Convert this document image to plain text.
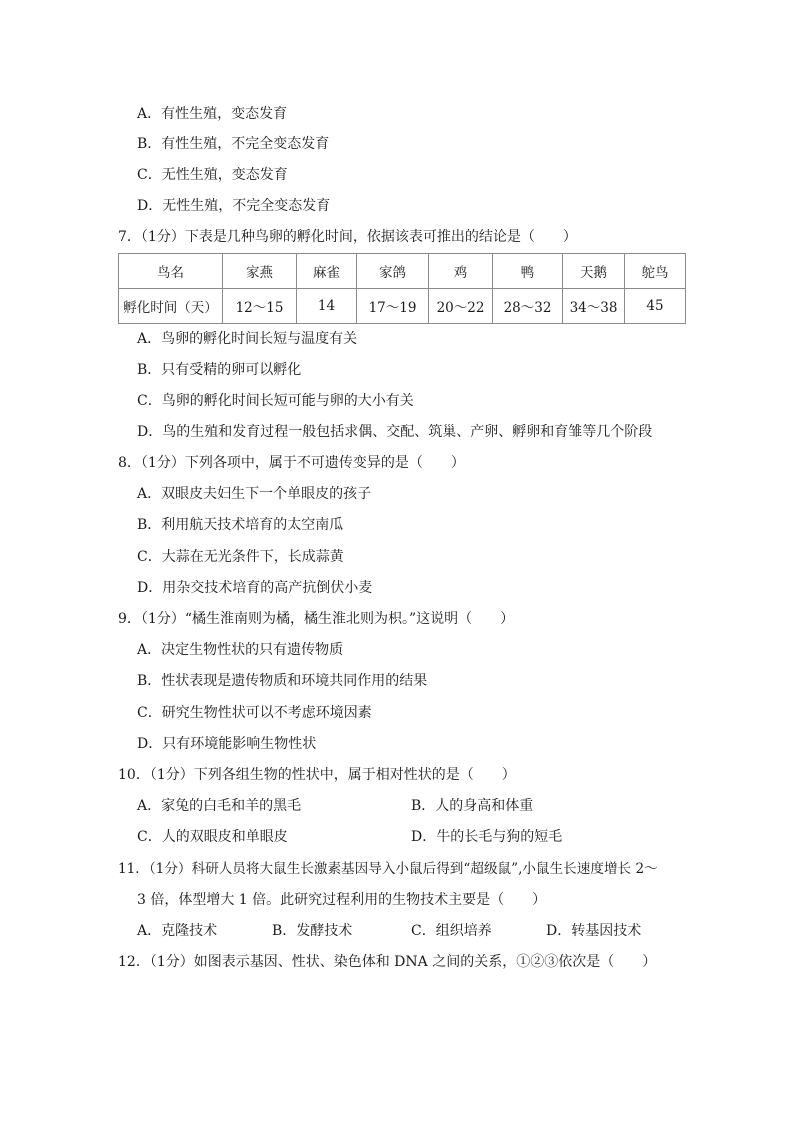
A．有性生殖，变态发育
B．有性生殖，不完全变态发育
C．无性生殖，变态发育
D．无性生殖，不完全变态发育
7．（1分）下表是几种鸟卵的孵化时间，依据该表可推出的结论是（　　）
鸟名	家燕	麻雀	家鸽	鸡	鸭	天鹅	鸵鸟
孵化时间（天）	12～15	14	17～19	20～22	28～32	34～38	45
A．鸟卵的孵化时间长短与温度有关
B．只有受精的卵可以孵化
C．鸟卵的孵化时间长短可能与卵的大小有关
D．鸟的生殖和发育过程一般包括求偶、交配、筑巢、产卵、孵卵和育雏等几个阶段
8．（1分）下列各项中，属于不可遗传变异的是（　　）
A．双眼皮夫妇生下一个单眼皮的孩子
B．利用航天技术培育的太空南瓜
C．大蒜在无光条件下，长成蒜黄
D．用杂交技术培育的高产抗倒伏小麦
9．（1分）“橘生淮南则为橘，橘生淮北则为枳。”这说明（　　）
A．决定生物性状的只有遗传物质
B．性状表现是遗传物质和环境共同作用的结果
C．研究生物性状可以不考虑环境因素
D．只有环境能影响生物性状
10．（1分）下列各组生物的性状中，属于相对性状的是（　　）
A．家兔的白毛和羊的黑毛	B．人的身高和体重
C．人的双眼皮和单眼皮	D．牛的长毛与狗的短毛
11．（1分）科研人员将大鼠生长激素基因导入小鼠后得到“超级鼠”,小鼠生长速度增长 2～
3 倍，体型增大 1 倍。此研究过程利用的生物技术主要是（　　）
A．克隆技术	B．发酵技术	C．组织培养	D．转基因技术
12．（1分）如图表示基因、性状、染色体和 DNA 之间的关系，①②③依次是（　　）
